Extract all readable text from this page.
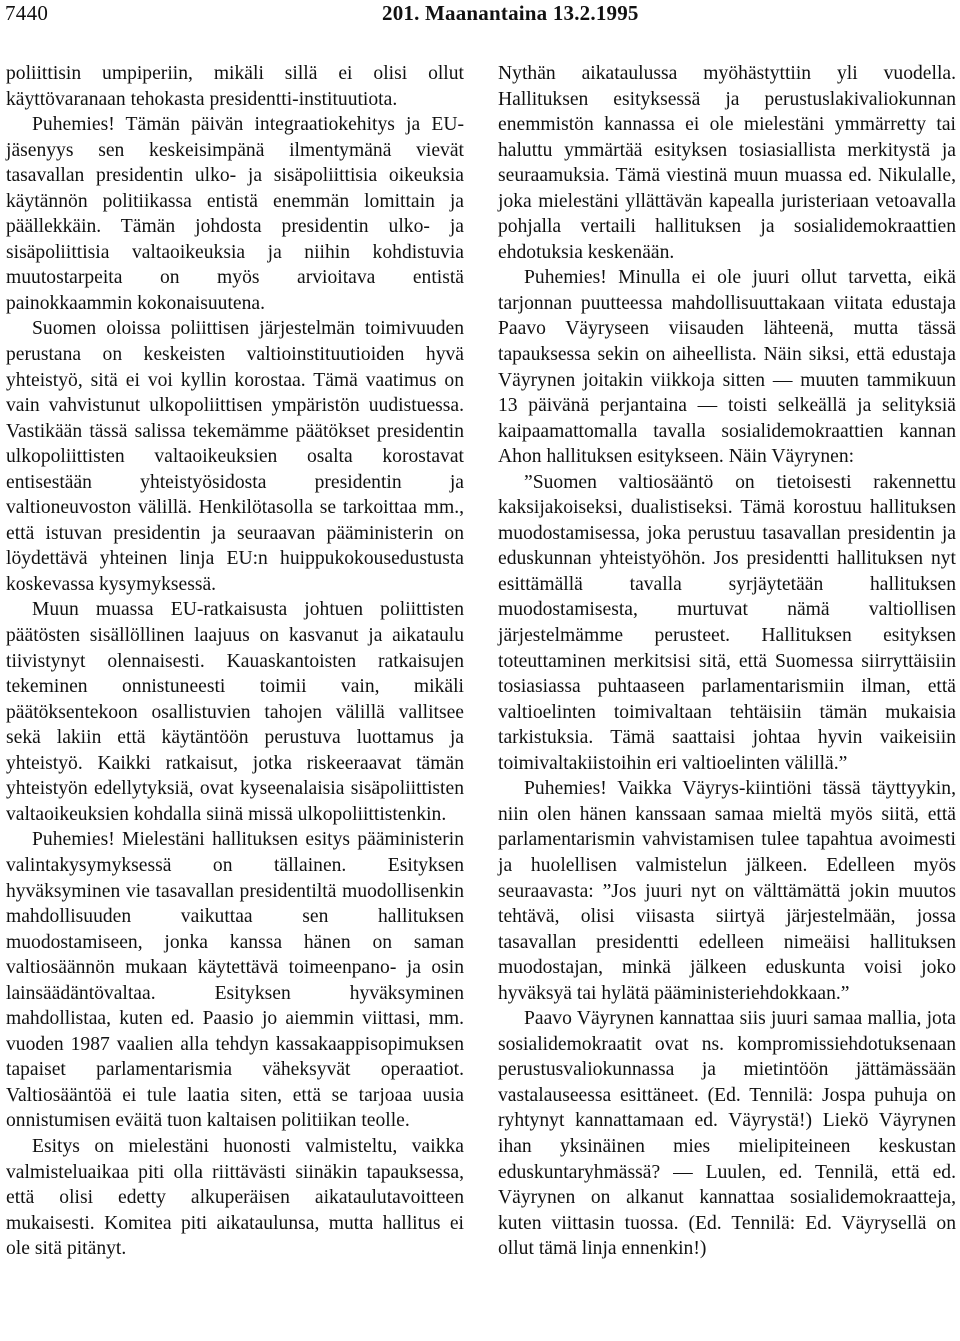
7440	201. Maanantaina 13.2.1995

poliittisin umpiperiin, mikäli sillä ei olisi ollut käyttövaranaan tehokasta presidentti-instituutiota.

Puhemies! Tämän päivän integraatiokehitys ja EU-jäsenyys sen keskeisimpänä ilmentymänä vievät tasavallan presidentin ulko- ja sisäpoliittisia oikeuksia käytännön politiikassa entistä enemmän lomittain ja päällekkäin. Tämän johdosta presidentin ulko- ja sisäpoliittisia valtaoikeuksia ja niihin kohdistuvia muutostarpeita on myös arvioitava entistä painokkaammin kokonaisuutena.

Suomen oloissa poliittisen järjestelmän toimivuuden perustana on keskeisten valtioinstituutioiden hyvä yhteistyö, sitä ei voi kyllin korostaa. Tämä vaatimus on vain vahvistunut ulkopoliittisen ympäristön uudistuessa. Vastikään tässä salissa tekemämme päätökset presidentin ulkopoliittisten valtaoikeuksien osalta korostavat entisestään yhteistyösidosta presidentin ja valtioneuvoston välillä. Henkilötasolla se tarkoittaa mm., että istuvan presidentin ja seuraavan pääministerin on löydettävä yhteinen linja EU:n huippukokousedustusta koskevassa kysymyksessä.

Muun muassa EU-ratkaisusta johtuen poliittisten päätösten sisällöllinen laajuus on kasvanut ja aikataulu tiivistynyt olennaisesti. Kauaskantoisten ratkaisujen tekeminen onnistuneesti toimii vain, mikäli päätöksentekoon osallistuvien tahojen välillä vallitsee sekä lakiin että käytäntöön perustuva luottamus ja yhteistyö. Kaikki ratkaisut, jotka riskeeraavat tämän yhteistyön edellytyksiä, ovat kyseenalaisia sisäpoliittisten valtaoikeuksien kohdalla siinä missä ulkopoliittistenkin.

Puhemies! Mielestäni hallituksen esitys pääministerin valintakysymyksessä on tällainen. Esityksen hyväksyminen vie tasavallan presidentiltä muodollisenkin mahdollisuuden vaikuttaa sen hallituksen muodostamiseen, jonka kanssa hänen on saman valtiosäännön mukaan käytettävä toimeenpano- ja osin lainsäädäntövaltaa. Esityksen hyväksyminen mahdollistaa, kuten ed. Paasio jo aiemmin viittasi, mm. vuoden 1987 vaalien alla tehdyn kassakaappisopimuksen tapaiset parlamentarismia väheksyvät operaatiot. Valtiosääntöä ei tule laatia siten, että se tarjoaa uusia onnistumisen eväitä tuon kaltaisen politiikan teolle.

Esitys on mielestäni huonosti valmisteltu, vaikka valmisteluaikaa piti olla riittävästi siinäkin tapauksessa, että olisi edetty alkuperäisen aikataulutavoitteen mukaisesti. Komitea piti aikataulunsa, mutta hallitus ei ole sitä pitänyt.

Nythän aikataulussa myöhästyttiin yli vuodella. Hallituksen esityksessä ja perustuslakivaliokunnan enemmistön kannassa ei ole mielestäni ymmärretty tai haluttu ymmärtää esityksen tosiasiallista merkitystä ja seuraamuksia. Tämä viestinä muun muassa ed. Nikulalle, joka mielestäni yllättävän kapealla juristeriaan vetoavalla pohjalla vertaili hallituksen ja sosialidemokraattien ehdotuksia keskenään.

Puhemies! Minulla ei ole juuri ollut tarvetta, eikä tarjonnan puutteessa mahdollisuuttakaan viitata edustaja Paavo Väyryseen viisauden lähteenä, mutta tässä tapauksessa sekin on aiheellista. Näin siksi, että edustaja Väyrynen joitakin viikkoja sitten — muuten tammikuun 13 päivänä perjantaina — toisti selkeällä ja selityksiä kaipaamattomalla tavalla sosialidemokraattien kannan Ahon hallituksen esitykseen. Näin Väyrynen:

”Suomen valtiosääntö on tietoisesti rakennettu kaksijakoiseksi, dualistiseksi. Tämä korostuu hallituksen muodostamisessa, joka perustuu tasavallan presidentin ja eduskunnan yhteistyöhön. Jos presidentti hallituksen nyt esittämällä tavalla syrjäytetään hallituksen muodostamisesta, murtuvat nämä valtiollisen järjestelmämme perusteet. Hallituksen esityksen toteuttaminen merkitsisi sitä, että Suomessa siirryttäisiin tosiasiassa puhtaaseen parlamentarismiin ilman, että valtioelinten toimivaltaan tehtäisiin tämän mukaisia tarkistuksia. Tämä saattaisi johtaa hyvin vaikeisiin toimivaltakiistoihin eri valtioelinten välillä.”

Puhemies! Vaikka Väyrys-kiintiöni tässä täyttyykin, niin olen hänen kanssaan samaa mieltä myös siitä, että parlamentarismin vahvistamisen tulee tapahtua avoimesti ja huolellisen valmistelun jälkeen. Edelleen myös seuraavasta: ”Jos juuri nyt on välttämättä jokin muutos tehtävä, olisi viisasta siirtyä järjestelmään, jossa tasavallan presidentti edelleen nimeäisi hallituksen muodostajan, minkä jälkeen eduskunta voisi joko hyväksyä tai hylätä pääministeriehdokkaan.”

Paavo Väyrynen kannattaa siis juuri samaa mallia, jota sosialidemokraatit ovat ns. kompromissiehdotuksenaan perustusvaliokunnassa ja mietintöön jättämässään vastalauseessa esittäneet. (Ed. Tennilä: Jospa puhuja on ryhtynyt kannattamaan ed. Väyrystä!) Liekö Väyrynen ihan yksinäinen mies mielipiteineen keskustan eduskuntaryhmässä? — Luulen, ed. Tennilä, että ed. Väyrynen on alkanut kannattaa sosialidemokraatteja, kuten viittasin tuossa. (Ed. Tennilä: Ed. Väyrysellä on ollut tämä linja ennenkin!)
